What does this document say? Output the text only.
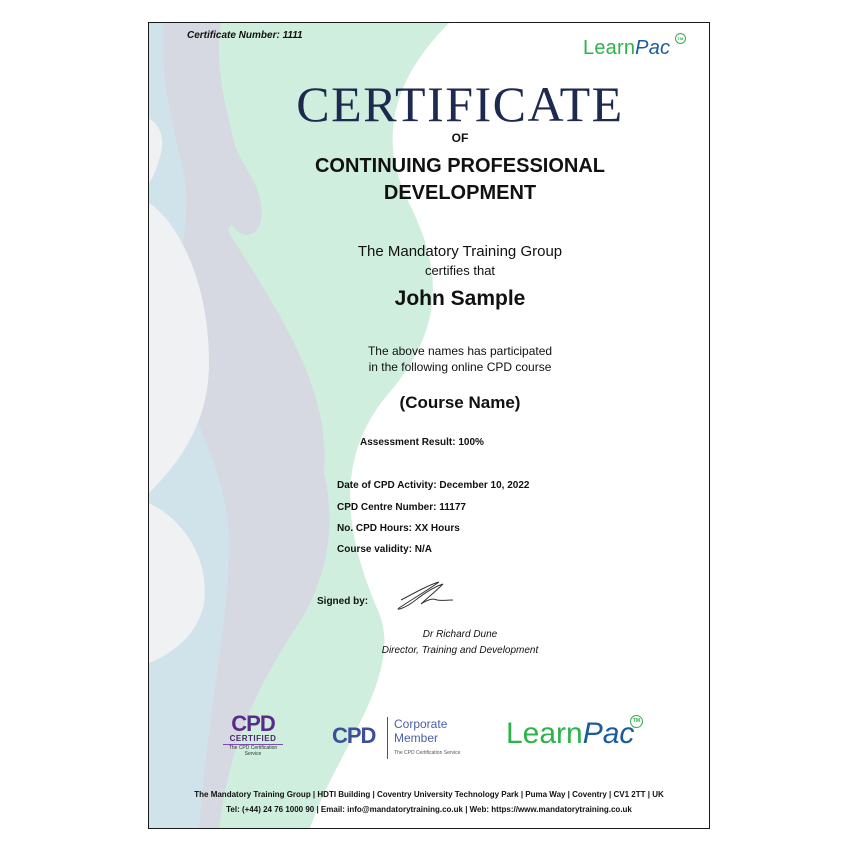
Certificate Number: 1111
LearnPac	TM
CERTIFICATE
OF
CONTINUING PROFESSIONAL
DEVELOPMENT
The Mandatory Training Group
certifies that
John Sample
The above names has participated
in the following online CPD course
(Course Name)
Assessment Result: 100%
Date of CPD Activity: December 10, 2022
CPD Centre Number: 11177
No. CPD Hours: XX Hours
Course validity: N/A
Signed by:
Dr Richard Dune
Director, Training and Development
CPD
CERTIFIED
The CPD Certification Service
CPD Corporate
Member
The CPD Certification Service
LearnPac
TM
The Mandatory Training Group | HDTI Building | Coventry University Technology Park | Puma Way | Coventry | CV1 2TT | UK
Tel: (+44) 24 76 1000 90 | Email: info@mandatorytraining.co.uk | Web: https://www.mandatorytraining.co.uk
